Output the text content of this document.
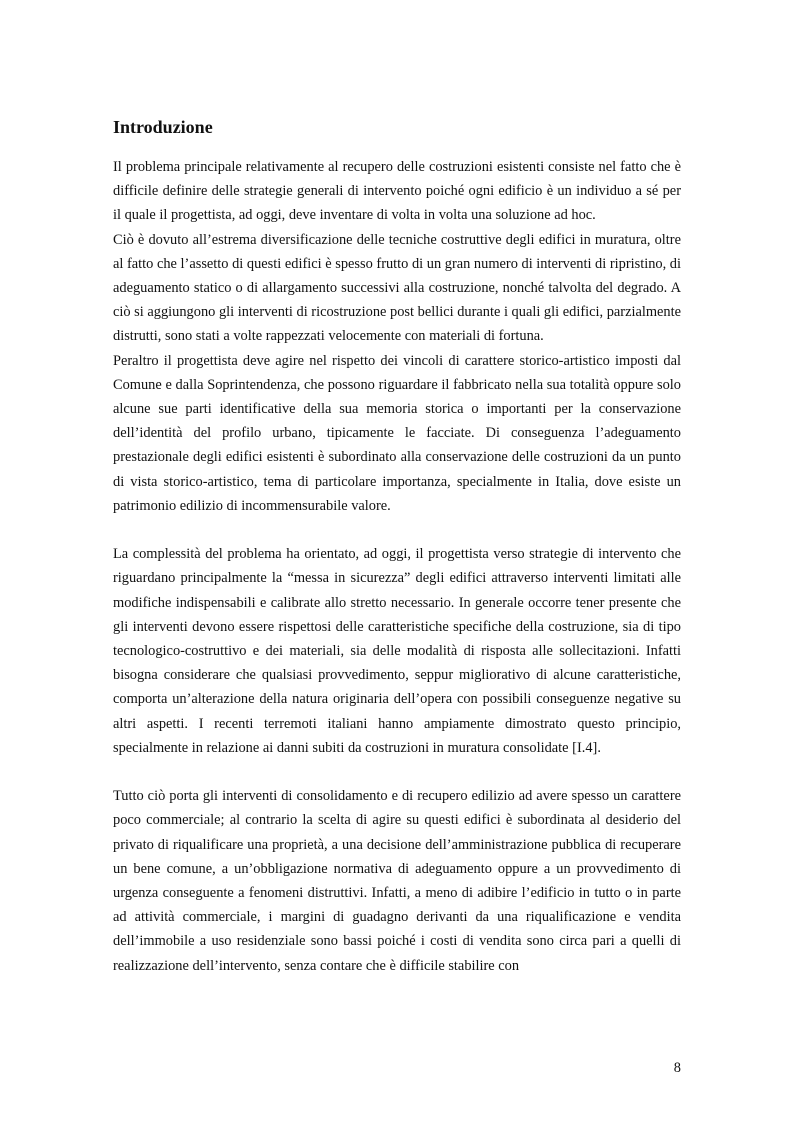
Introduzione

Il problema principale relativamente al recupero delle costruzioni esistenti consiste nel fatto che è difficile definire delle strategie generali di intervento poiché ogni edificio è un individuo a sé per il quale il progettista, ad oggi, deve inventare di volta in volta una soluzione ad hoc.

Ciò è dovuto all’estrema diversificazione delle tecniche costruttive degli edifici in muratura, oltre al fatto che l’assetto di questi edifici è spesso frutto di un gran numero di interventi di ripristino, di adeguamento statico o di allargamento successivi alla costruzione, nonché talvolta del degrado. A ciò si aggiungono gli interventi di ricostruzione post bellici durante i quali gli edifici, parzialmente distrutti, sono stati a volte rappezzati velocemente con materiali di fortuna.

Peraltro il progettista deve agire nel rispetto dei vincoli di carattere storico-artistico imposti dal Comune e dalla Soprintendenza, che possono riguardare il fabbricato nella sua totalità oppure solo alcune sue parti identificative della sua memoria storica o importanti per la conservazione dell’identità del profilo urbano, tipicamente le facciate. Di conseguenza l’adeguamento prestazionale degli edifici esistenti è subordinato alla conservazione delle costruzioni da un punto di vista storico-artistico, tema di particolare importanza, specialmente in Italia, dove esiste un patrimonio edilizio di incommensurabile valore.

La complessità del problema ha orientato, ad oggi, il progettista verso strategie di intervento che riguardano principalmente la “messa in sicurezza” degli edifici attraverso interventi limitati alle modifiche indispensabili e calibrate allo stretto necessario. In generale occorre tener presente che gli interventi devono essere rispettosi delle caratteristiche specifiche della costruzione, sia di tipo tecnologico-costruttivo e dei materiali, sia delle modalità di risposta alle sollecitazioni. Infatti bisogna considerare che qualsiasi provvedimento, seppur migliorativo di alcune caratteristiche, comporta un’alterazione della natura originaria dell’opera con possibili conseguenze negative su altri aspetti. I recenti terremoti italiani hanno ampiamente dimostrato questo principio, specialmente in relazione ai danni subiti da costruzioni in muratura consolidate [I.4].

Tutto ciò porta gli interventi di consolidamento e di recupero edilizio ad avere spesso un carattere poco commerciale; al contrario la scelta di agire su questi edifici è subordinata al desiderio del privato di riqualificare una proprietà, a una decisione dell’amministrazione pubblica di recuperare un bene comune, a un’obbligazione normativa di adeguamento oppure a un provvedimento di urgenza conseguente a fenomeni distruttivi. Infatti, a meno di adibire l’edificio in tutto o in parte ad attività commerciale, i margini di guadagno derivanti da una riqualificazione e vendita dell’immobile a uso residenziale sono bassi poiché i costi di vendita sono circa pari a quelli di realizzazione dell’intervento, senza contare che è difficile stabilire con

8
